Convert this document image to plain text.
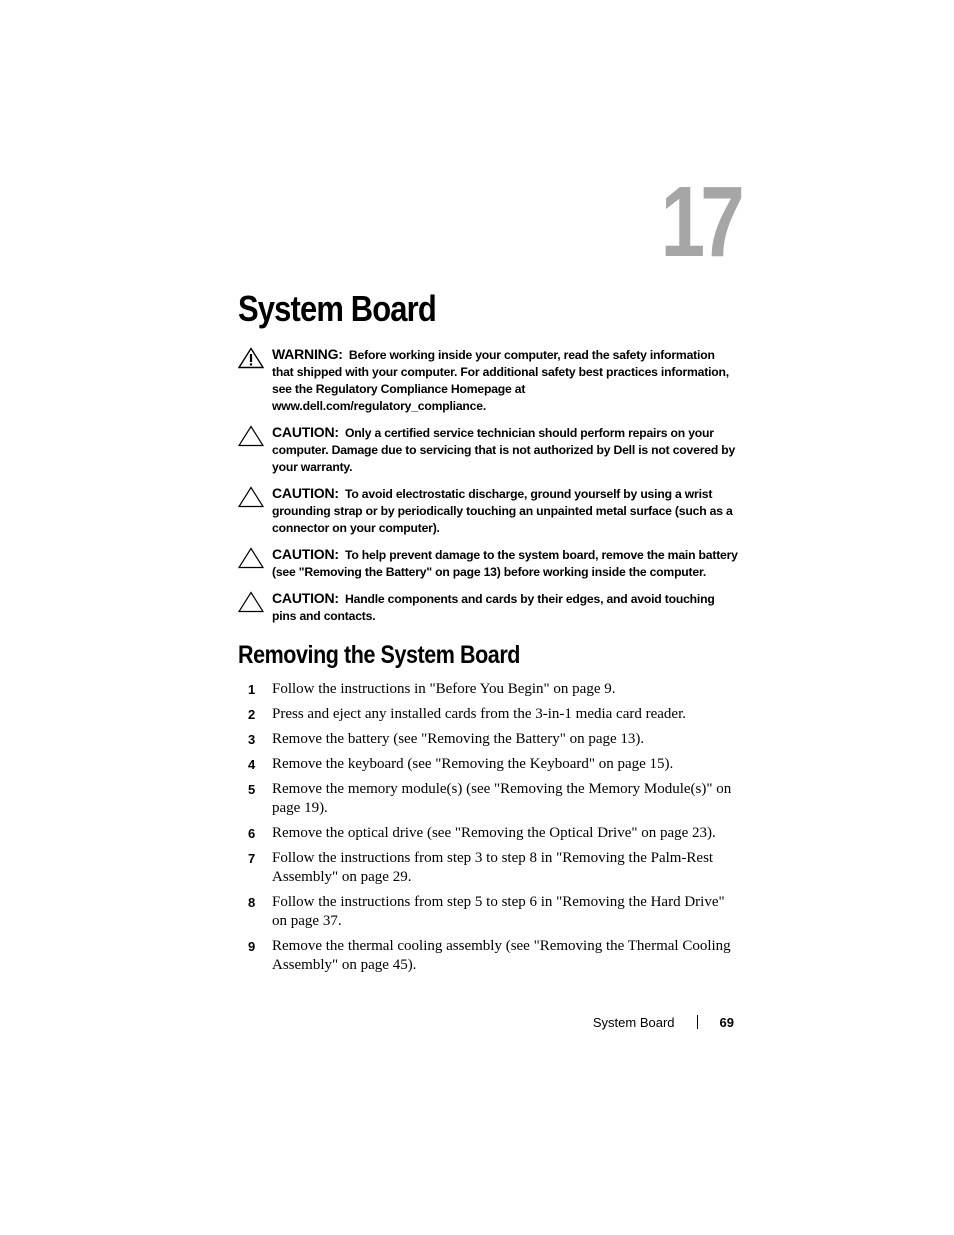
17
System Board

WARNING: Before working inside your computer, read the safety information that shipped with your computer. For additional safety best practices information, see the Regulatory Compliance Homepage at www.dell.com/regulatory_compliance.

CAUTION: Only a certified service technician should perform repairs on your computer. Damage due to servicing that is not authorized by Dell is not covered by your warranty.

CAUTION: To avoid electrostatic discharge, ground yourself by using a wrist grounding strap or by periodically touching an unpainted metal surface (such as a connector on your computer).

CAUTION: To help prevent damage to the system board, remove the main battery (see "Removing the Battery" on page 13) before working inside the computer.

CAUTION: Handle components and cards by their edges, and avoid touching pins and contacts.

Removing the System Board
1 Follow the instructions in "Before You Begin" on page 9.
2 Press and eject any installed cards from the 3-in-1 media card reader.
3 Remove the battery (see "Removing the Battery" on page 13).
4 Remove the keyboard (see "Removing the Keyboard" on page 15).
5 Remove the memory module(s) (see "Removing the Memory Module(s)" on page 19).
6 Remove the optical drive (see "Removing the Optical Drive" on page 23).
7 Follow the instructions from step 3 to step 8 in "Removing the Palm-Rest Assembly" on page 29.
8 Follow the instructions from step 5 to step 6 in "Removing the Hard Drive" on page 37.
9 Remove the thermal cooling assembly (see "Removing the Thermal Cooling Assembly" on page 45).
System Board	69
